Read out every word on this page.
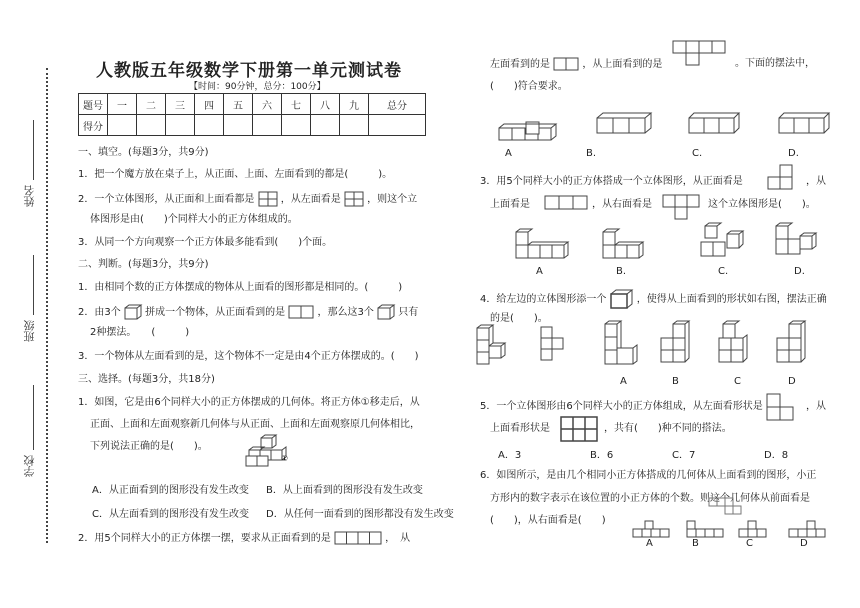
姓名
班级
学校
人教版五年级数学下册第一单元测试卷
【时间：90分钟，总分：100分】
题号	一	二	三	四	五	六	七	八	九	总分
得分										
一、填空。(每题3分，共9分)
1．把一个魔方放在桌子上，从正面、上面、左面看到的都是(　　　)。
2．一个立体图形，从正面和上面看都是	，从左面看是	，则这个立
体图形是由(　　)个同样大小的正方体组成的。
3．从同一个方向观察一个正方体最多能看到(　　)个面。
二、判断。(每题3分，共9分)
1．由相同个数的正方体摆成的物体从上面看的图形都是相同的。(　　　)
2．由3个 拼成一个物体，从正面看到的是	，那么这3个 只有
2种摆法。　　(　　　)
3．一个物体从左面看到的是，这个物体不一定是由4个正方体摆成的。(　　)
三、选择。(每题3分，共18分)
1．如图，它是由6个同样大小的正方体摆成的几何体。将正方体①移走后，从
正面、上面和左面观察新几何体与从正面、上面和左面观察原几何体相比，
下列说法正确的是(　　)。
①
A．从正面看到的图形没有发生改变 B．从上面看到的图形没有发生改变
C．从左面看到的图形没有发生改变 D．从任何一面看到的图形都没有发生改变
2．用5个同样大小的正方体摆一摆，要求从正面看到的是	，　从
左面看到的是	，从上面看到的是	。下面的摆法中，
(　　)符合要求。
A	B.	C.	D.
3．用5个同样大小的正方体搭成一个立体图形，从正面看是	，从
上面看是	，从右面看是	这个立体图形是(　　)。
A	B.	C.	D.
4．给左边的立体图形添一个	，使得从上面看到的形状如右图，摆法正确
的是(　　)。
A	B	C	D
5．一个立体图形由6个同样大小的正方体组成，从左面看形状是	，从
上面看形状是	，共有(　　)种不同的搭法。
A．3	B．6	C．7	D．8
6．如图所示，是由几个相同小正方体搭成的几何体从上面看到的图形，小正
方形内的数字表示在该位置的小正方体的个数。则这个几何体从前面看是
(　　)，从右面看是(　　)
A	B	C	D
